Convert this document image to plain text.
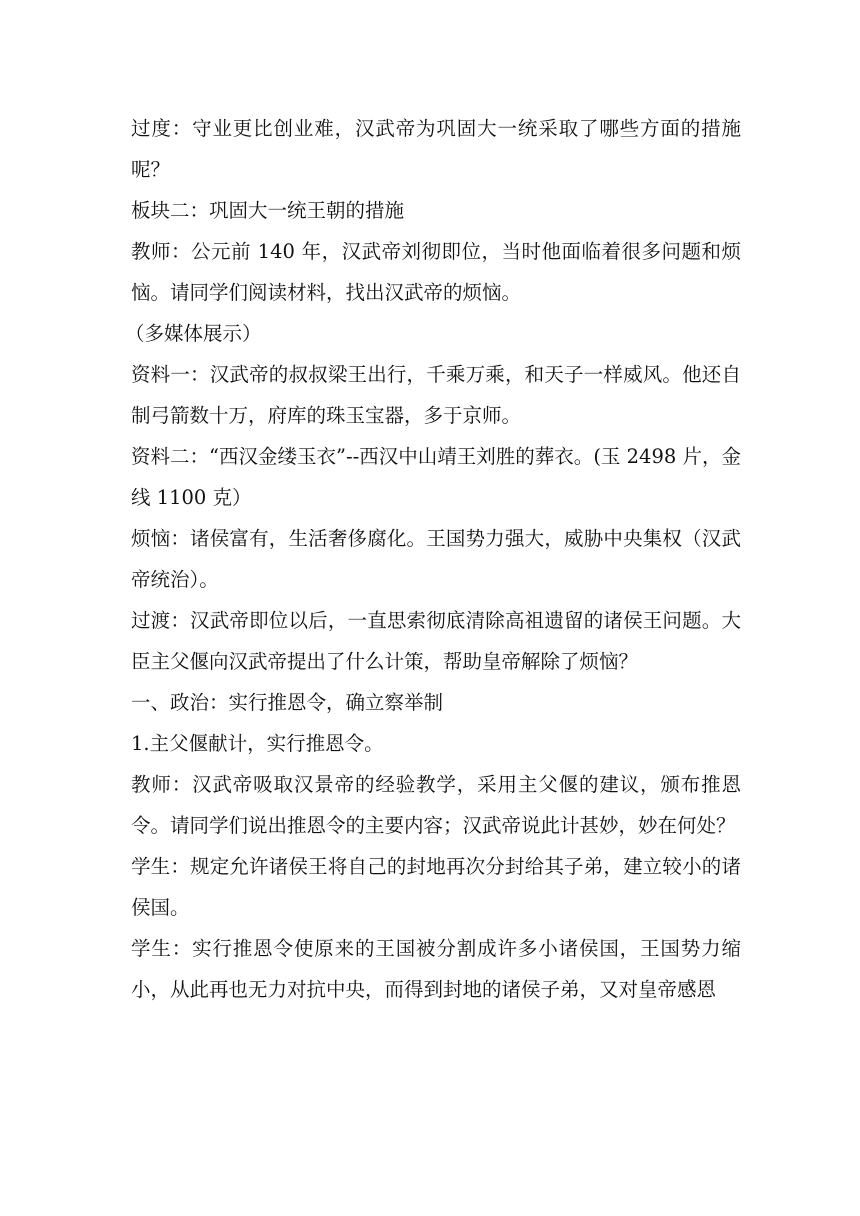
过度：守业更比创业难，汉武帝为巩固大一统采取了哪些方面的措施呢？

板块二：巩固大一统王朝的措施

教师：公元前 140 年，汉武帝刘彻即位，当时他面临着很多问题和烦恼。请同学们阅读材料，找出汉武帝的烦恼。

（多媒体展示）

资料一：汉武帝的叔叔梁王出行，千乘万乘，和天子一样威风。他还自制弓箭数十万，府库的珠玉宝器，多于京师。

资料二：“西汉金缕玉衣”--西汉中山靖王刘胜的葬衣。(玉 2498 片，金线 1100 克）

烦恼：诸侯富有，生活奢侈腐化。王国势力强大，威胁中央集权（汉武帝统治）。

过渡：汉武帝即位以后，一直思索彻底清除高祖遗留的诸侯王问题。大臣主父偃向汉武帝提出了什么计策，帮助皇帝解除了烦恼？

一、政治：实行推恩令，确立察举制

1.主父偃献计，实行推恩令。

教师：汉武帝吸取汉景帝的经验教学，采用主父偃的建议，颁布推恩令。请同学们说出推恩令的主要内容；汉武帝说此计甚妙，妙在何处？

学生：规定允许诸侯王将自己的封地再次分封给其子弟，建立较小的诸侯国。

学生：实行推恩令使原来的王国被分割成许多小诸侯国，王国势力缩小，从此再也无力对抗中央，而得到封地的诸侯子弟，又对皇帝感恩
